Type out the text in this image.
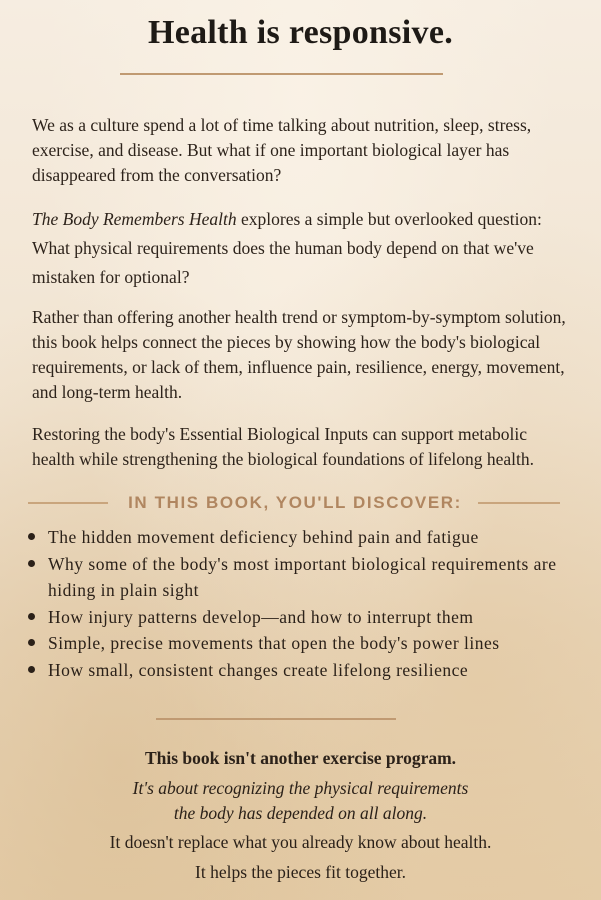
Health is responsive.

We as a culture spend a lot of time talking about nutrition, sleep, stress, exercise, and disease. But what if one important biological layer has disappeared from the conversation?

The Body Remembers Health explores a simple but overlooked question: What physical requirements does the human body depend on that we've mistaken for optional?

Rather than offering another health trend or symptom-by-symptom solution, this book helps connect the pieces by showing how the body's biological requirements, or lack of them, influence pain, resilience, energy, movement, and long-term health.

Restoring the body's Essential Biological Inputs can support metabolic health while strengthening the biological foundations of lifelong health.

IN THIS BOOK, YOU'LL DISCOVER:
The hidden movement deficiency behind pain and fatigue
Why some of the body's most important biological requirements are hiding in plain sight
How injury patterns develop—and how to interrupt them
Simple, precise movements that open the body's power lines
How small, consistent changes create lifelong resilience

This book isn't another exercise program.

It's about recognizing the physical requirements
the body has depended on all along.

It doesn't replace what you already know about health.

It helps the pieces fit together.
